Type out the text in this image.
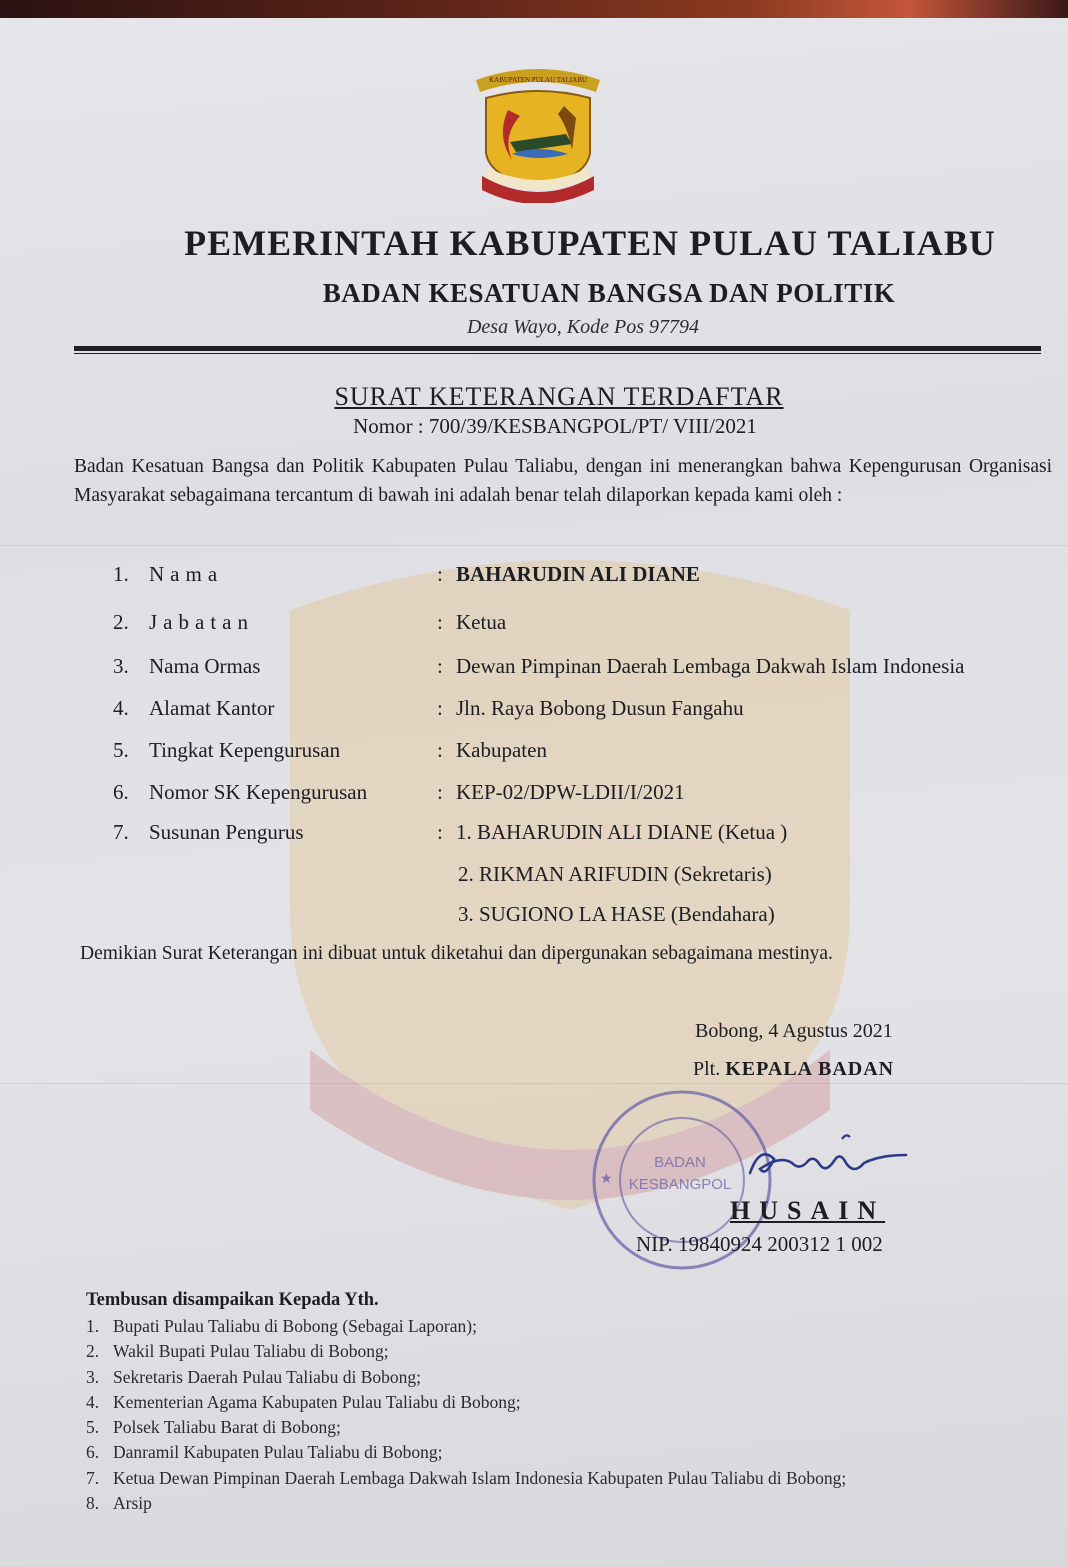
KABUPATEN PULAU TALIABU
PEMERINTAH KABUPATEN PULAU TALIABU
BADAN KESATUAN BANGSA DAN POLITIK
Desa Wayo, Kode Pos 97794
SURAT KETERANGAN TERDAFTAR
Nomor : 700/39/KESBANGPOL/PT/ VIII/2021
Badan Kesatuan Bangsa dan Politik Kabupaten Pulau Taliabu, dengan ini menerangkan bahwa Kepengurusan Organisasi Masyarakat sebagaimana tercantum di bawah ini adalah benar telah dilaporkan kepada kami oleh :
1. Nama	: BAHARUDIN ALI DIANE
2. Jabatan	: Ketua
3. Nama Ormas	: Dewan Pimpinan Daerah Lembaga Dakwah Islam Indonesia
4. Alamat Kantor	: Jln. Raya Bobong Dusun Fangahu
5. Tingkat Kepengurusan	: Kabupaten
6. Nomor SK Kepengurusan	: KEP-02/DPW-LDII/I/2021
7. Susunan Pengurus	: 1. BAHARUDIN ALI DIANE (Ketua )
2. RIKMAN ARIFUDIN (Sekretaris)
3. SUGIONO LA HASE (Bendahara)
Demikian Surat Keterangan ini dibuat untuk diketahui dan dipergunakan sebagaimana mestinya.
Bobong, 4 Agustus 2021
Plt. KEPALA BADAN
★
BADAN
KESBANGPOL
HUSAIN
NIP. 19840924 200312 1 002
Tembusan disampaikan Kepada Yth.
1. Bupati Pulau Taliabu di Bobong (Sebagai Laporan);
2. Wakil Bupati Pulau Taliabu di Bobong;
3. Sekretaris Daerah Pulau Taliabu di Bobong;
4. Kementerian Agama Kabupaten Pulau Taliabu di Bobong;
5. Polsek Taliabu Barat di Bobong;
6. Danramil Kabupaten Pulau Taliabu di Bobong;
7. Ketua Dewan Pimpinan Daerah Lembaga Dakwah Islam Indonesia Kabupaten Pulau Taliabu di Bobong;
8. Arsip
